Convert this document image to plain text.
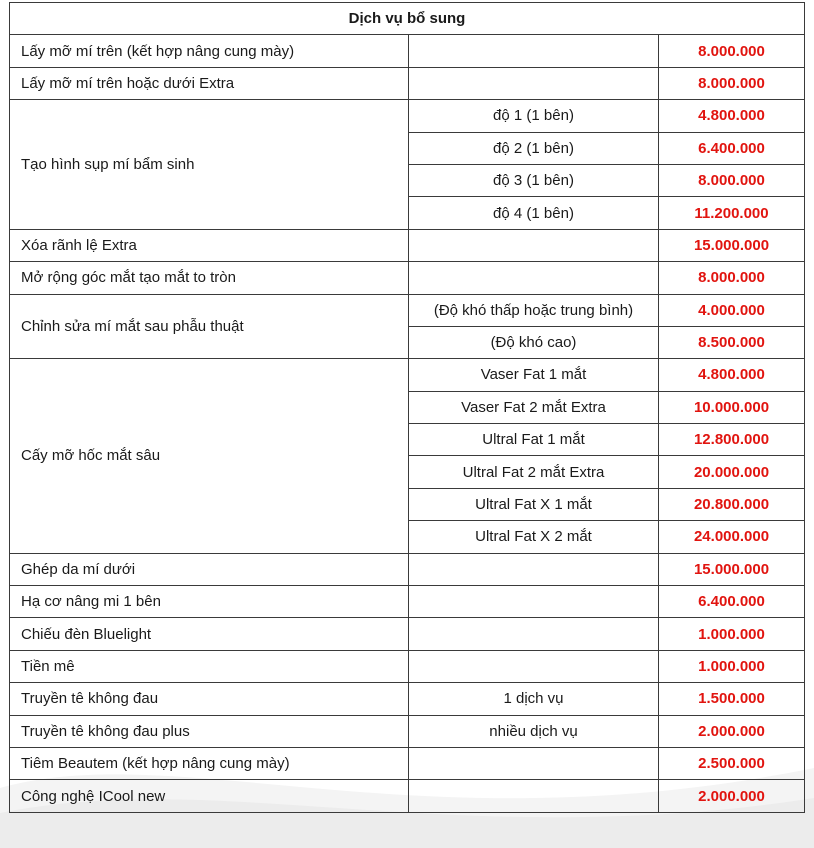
Dịch vụ bổ sung		
Lấy mỡ mí trên (kết hợp nâng cung mày)		8.000.000
Lấy mỡ mí trên hoặc dưới Extra		8.000.000
Tạo hình sụp mí bẩm sinh	độ 1 (1 bên)	4.800.000
	độ 2 (1 bên)	6.400.000
	độ 3 (1 bên)	8.000.000
	độ 4 (1 bên)	11.200.000
Xóa rãnh lệ Extra		15.000.000
Mở rộng góc mắt tạo mắt to tròn		8.000.000
Chỉnh sửa mí mắt sau phẫu thuật	(Độ khó thấp hoặc trung bình)	4.000.000
	(Độ khó cao)	8.500.000
Cấy mỡ hốc mắt sâu	Vaser Fat 1 mắt	4.800.000
	Vaser Fat 2 mắt Extra	10.000.000
	Ultral Fat 1 mắt	12.800.000
	Ultral Fat 2 mắt Extra	20.000.000
	Ultral Fat X 1 mắt	20.800.000
	Ultral Fat X 2 mắt	24.000.000
Ghép da mí dưới		15.000.000
Hạ cơ nâng mi 1 bên		6.400.000
Chiếu đèn Bluelight		1.000.000
Tiền mê		1.000.000
Truyền tê không đau	1 dịch vụ	1.500.000
Truyền tê không đau plus	nhiều dịch vụ	2.000.000
Tiêm Beautem (kết hợp nâng cung mày)		2.500.000
Công nghệ ICool new		2.000.000
